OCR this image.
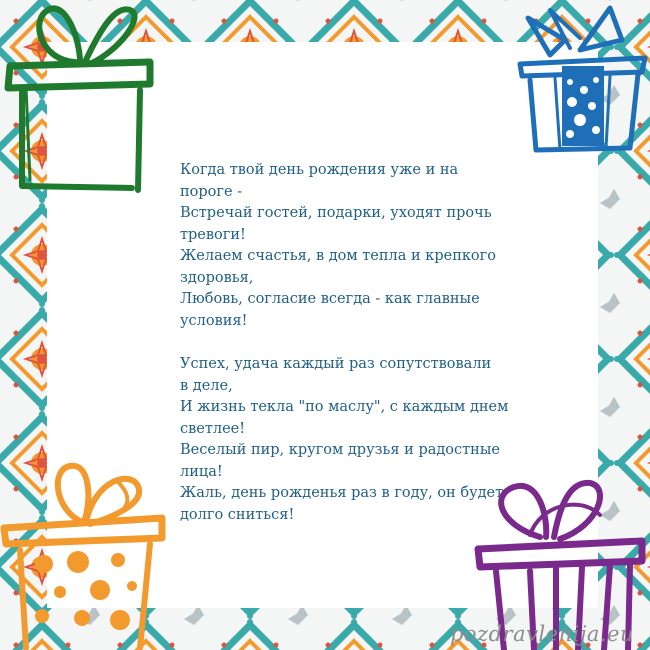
Когда твой день рождения уже и на
пороге -
Встречай гостей, подарки, уходят прочь
тревоги!
Желаем счастья, в дом тепла и крепкого
здоровья,
Любовь, согласие всегда - как главные
условия!
Успех, удача каждый раз сопутствовали
в деле,
И жизнь текла "по маслу", с каждым днем
светлее!
Веселый пир, кругом друзья и радостные
лица!
Жаль, день рожденья раз в году, он будет
долго сниться!
pozdravlenija.eu
